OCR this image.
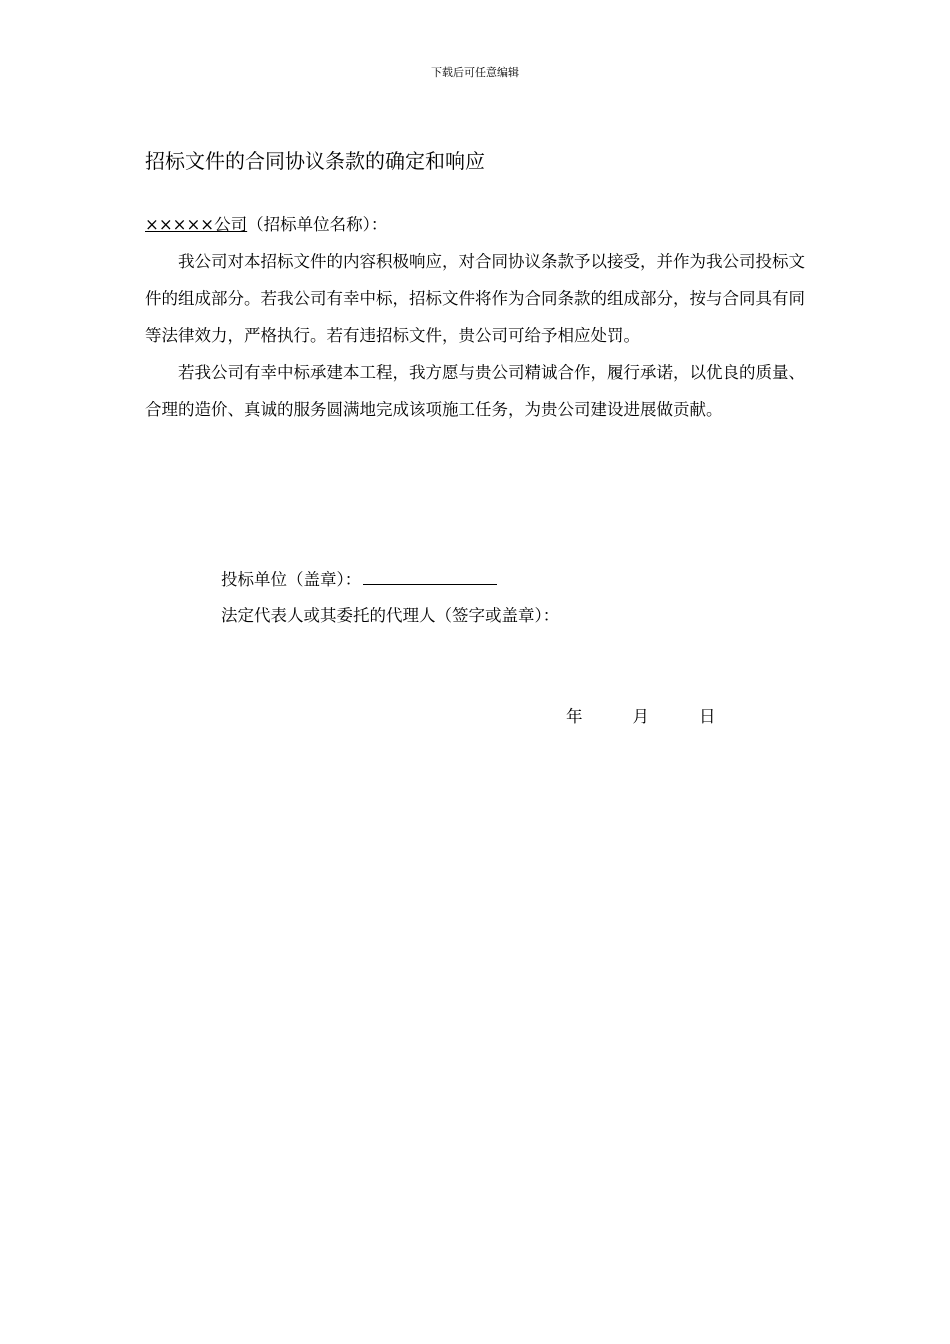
下载后可任意编辑
招标文件的合同协议条款的确定和响应

×××××公司（招标单位名称）：

我公司对本招标文件的内容积极响应，对合同协议条款予以接受，并作为我公司投标文件的组成部分。若我公司有幸中标，招标文件将作为合同条款的组成部分，按与合同具有同等法律效力，严格执行。若有违招标文件，贵公司可给予相应处罚。

若我公司有幸中标承建本工程，我方愿与贵公司精诚合作，履行承诺，以优良的质量、合理的造价、真诚的服务圆满地完成该项施工任务，为贵公司建设进展做贡献。

投标单位（盖章）：
法定代表人或其委托的代理人（签字或盖章）：
年	月	日
